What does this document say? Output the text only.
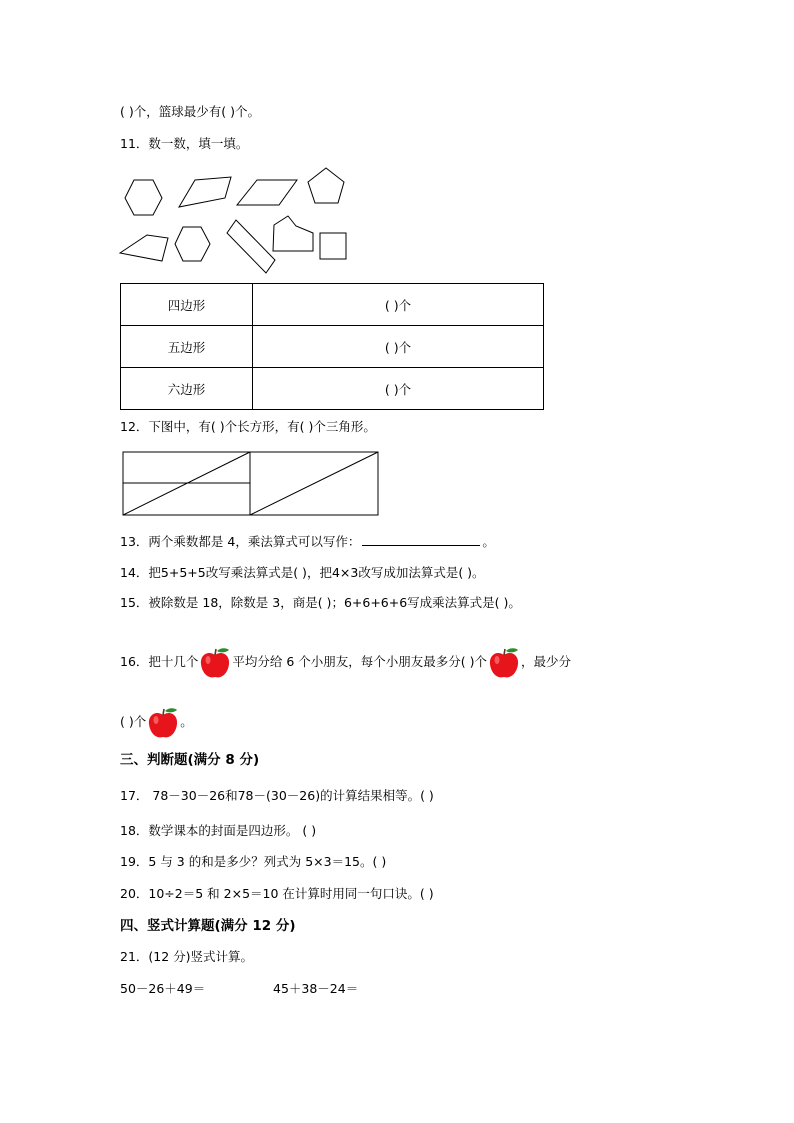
( )个，篮球最少有( )个。
11．数一数，填一填。
四边形	( )个
五边形	( )个
六边形	( )个
12．下图中，有( )个长方形，有( )个三角形。
13．两个乘数都是 4，乘法算式可以写作：	。
14．把5+5+5改写乘法算式是( )，把4×3改写成加法算式是( )。
15．被除数是 18，除数是 3，商是( )；6+6+6+6写成乘法算式是( )。
16．把十几个	平均分给 6 个小朋友，每个小朋友最多分( )个	，最少分
( )个	。
三、判断题(满分 8 分)
17． 78－30－26和78－(30－26)的计算结果相等。( )
18．数学课本的封面是四边形。 ( )
19．5 与 3 的和是多少？列式为 5×3＝15。( )
20．10÷2＝5 和 2×5＝10 在计算时用同一句口诀。( )
四、竖式计算题(满分 12 分)
21．(12 分)竖式计算。
50－26＋49＝	45＋38－24＝
